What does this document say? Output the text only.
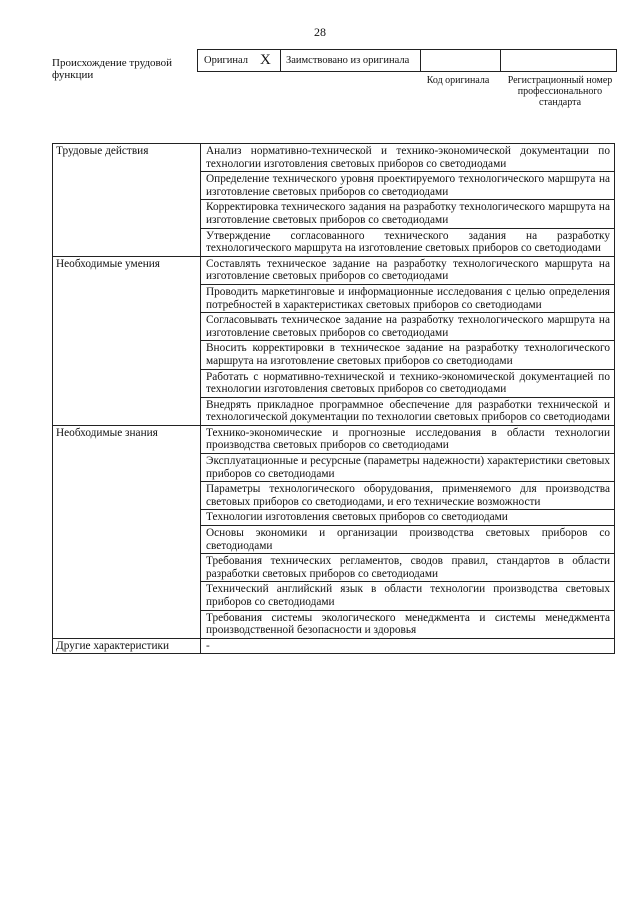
28
Происхождение трудовой функции
Оригинал X Заимствовано из оригинала
Код оригинала	Регистрационный номер профессионального стандарта
Трудовые действия	Анализ нормативно-технической и технико-экономической документации по технологии изготовления световых приборов со светодиодами
	Определение технического уровня проектируемого технологического маршрута на изготовление световых приборов со светодиодами
	Корректировка технического задания на разработку технологического маршрута на изготовление световых приборов со светодиодами
	Утверждение согласованного технического задания на разработку технологического маршрута на изготовление световых приборов со светодиодами
Необходимые умения	Составлять техническое задание на разработку технологического маршрута на изготовление световых приборов со светодиодами
	Проводить маркетинговые и информационные исследования с целью определения потребностей в характеристиках световых приборов со светодиодами
	Согласовывать техническое задание на разработку технологического маршрута на изготовление световых приборов со светодиодами
	Вносить корректировки в техническое задание на разработку технологического маршрута на изготовление световых приборов со светодиодами
	Работать с нормативно-технической и технико-экономической документацией по технологии изготовления световых приборов со светодиодами
	Внедрять прикладное программное обеспечение для разработки технической и технологической документации по технологии световых приборов со светодиодами
Необходимые знания	Технико-экономические и прогнозные исследования в области технологии производства световых приборов со светодиодами
	Эксплуатационные и ресурсные (параметры надежности) характеристики световых приборов со светодиодами
	Параметры технологического оборудования, применяемого для производства световых приборов со светодиодами, и его технические возможности
	Технологии изготовления световых приборов со светодиодами
	Основы экономики и организации производства световых приборов со светодиодами
	Требования технических регламентов, сводов правил, стандартов в области разработки световых приборов со светодиодами
	Технический английский язык в области технологии производства световых приборов со светодиодами
	Требования системы экологического менеджмента и системы менеджмента производственной безопасности и здоровья
Другие характеристики	-
